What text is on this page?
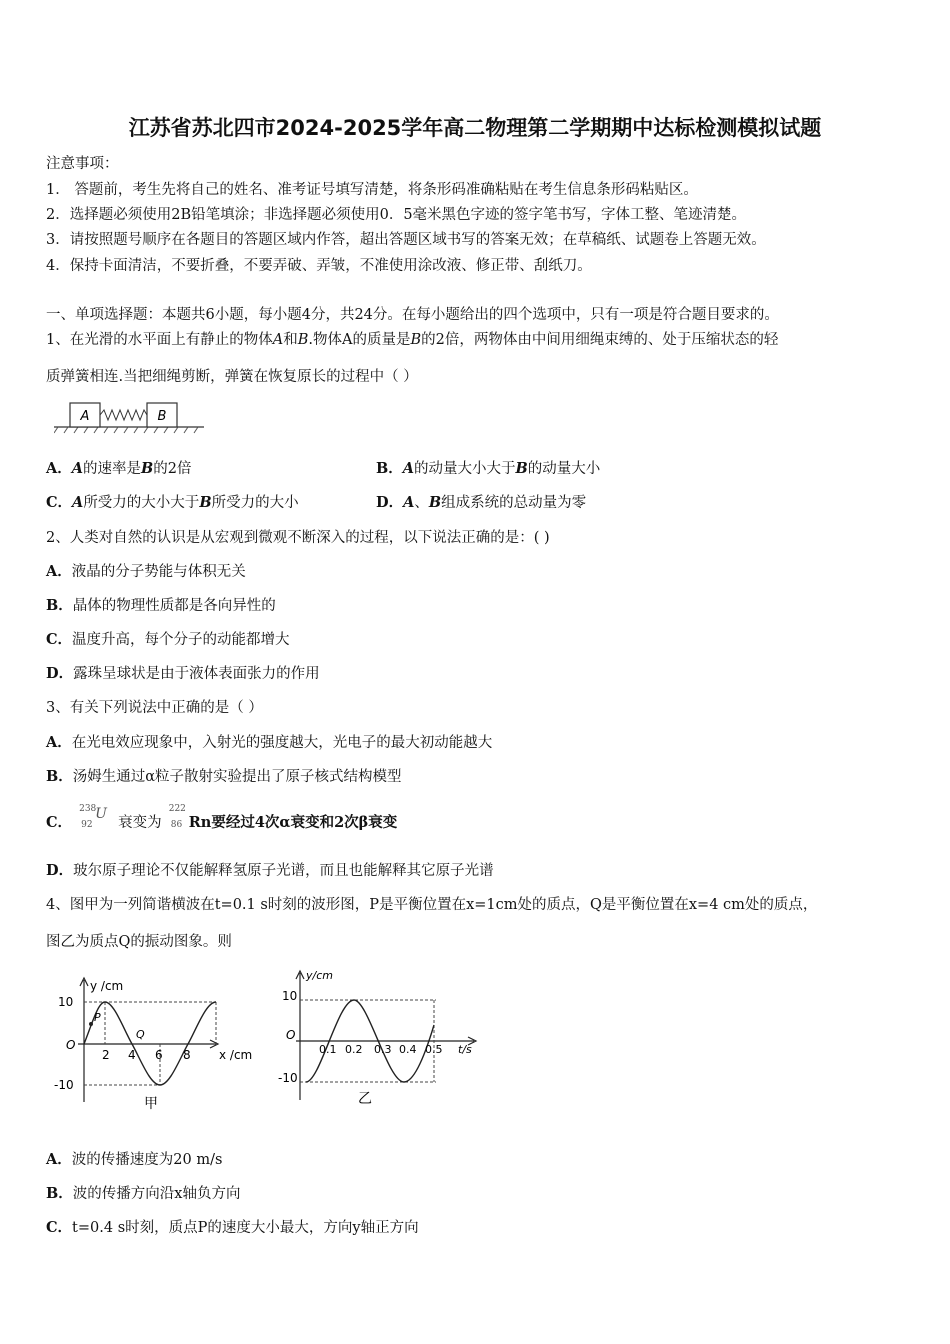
江苏省苏北四市2024-2025学年高二物理第二学期期中达标检测模拟试题
注意事项：
1． 答题前，考生先将自己的姓名、准考证号填写清楚，将条形码准确粘贴在考生信息条形码粘贴区。
2．选择题必须使用2B铅笔填涂；非选择题必须使用0．5毫米黑色字迹的签字笔书写，字体工整、笔迹清楚。
3．请按照题号顺序在各题目的答题区域内作答，超出答题区域书写的答案无效；在草稿纸、试题卷上答题无效。
4．保持卡面清洁，不要折叠，不要弄破、弄皱，不准使用涂改液、修正带、刮纸刀。
一、单项选择题：本题共6小题，每小题4分，共24分。在每小题给出的四个选项中，只有一项是符合题目要求的。
1、在光滑的水平面上有静止的物体A和B.物体A的质量是B的2倍，两物体由中间用细绳束缚的、处于压缩状态的轻
质弹簧相连.当把细绳剪断，弹簧在恢复原长的过程中（ ）
A	B
A．A的速率是B的2倍	B．A的动量大小大于B的动量大小
C．A所受力的大小大于B所受力的大小	D．A、B组成系统的总动量为零
2、人类对自然的认识是从宏观到微观不断深入的过程，以下说法正确的是：( )
A．液晶的分子势能与体积无关
B．晶体的物理性质都是各向异性的
C．温度升高，每个分子的动能都增大
D．露珠呈球状是由于液体表面张力的作用
3、有关下列说法中正确的是（ ）
A．在光电效应现象中，入射光的强度越大，光电子的最大初动能越大
B．汤姆生通过α粒子散射实验提出了原子核式结构模型
C．
238
92
U
衰变为
222
86 Rn要经过4次α衰变和2次β衰变
D．玻尔原子理论不仅能解释氢原子光谱，而且也能解释其它原子光谱
4、图甲为一列简谐横波在t=0.1 s时刻的波形图，P是平衡位置在x=1cm处的质点，Q是平衡位置在x=4 cm处的质点，
图乙为质点Q的振动图象。则
P
Q
y /cm
x /cm
O
10
-10
2 4 6 8
甲
y/cm
t/s
O
10
-10
0.1 0.2 0.3 0.4 0.5
乙
A．波的传播速度为20 m/s
B．波的传播方向沿x轴负方向
C．t=0.4 s时刻，质点P的速度大小最大，方向y轴正方向
